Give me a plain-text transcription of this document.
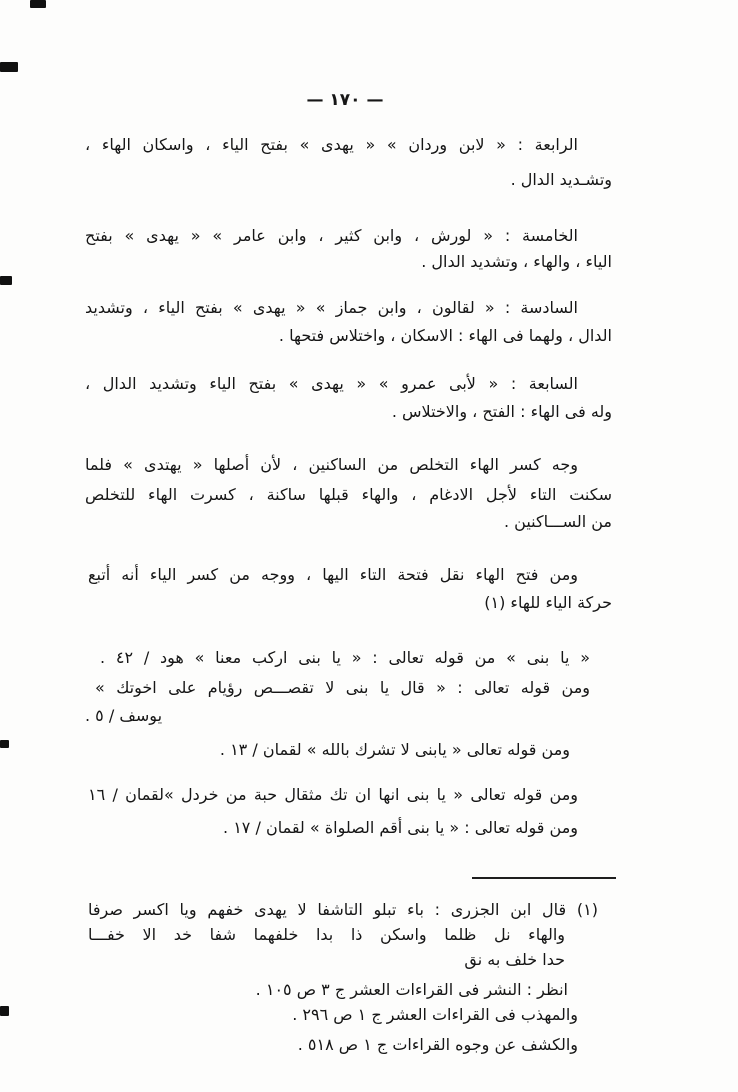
— ١٧٠ —
الرابعة : « لابن وردان » « يهدى » بفتح الياء ، واسكان الهاء ،
وتشـديد الدال .
الخامسة : « لورش ، وابن كثير ، وابن عامر » « يهدى » بفتح
الياء ، والهاء ، وتشديد الدال .
السادسة : « لقالون ، وابن جماز » « يهدى » بفتح الياء ، وتشديد
الدال ، ولهما فى الهاء : الاسكان ، واختلاس فتحها .
السابعة : « لأبى عمرو » « يهدى » بفتح الياء وتشديد الدال ،
وله فى الهاء : الفتح ، والاختلاس .
وجه كسر الهاء التخلص من الساكنين ، لأن أصلها « يهتدى » فلما
سكنت التاء لأجل الادغام ، والهاء قبلها ساكنة ، كسرت الهاء للتخلص
من الســـاكنين .
ومن فتح الهاء نقل فتحة التاء اليها ، ووجه من كسر الياء أنه أتبع
حركة الياء للهاء (١)
« يا بنى » من قوله تعالى : « يا بنى اركب معنا » هود / ٤٢ .
ومن قوله تعالى : « قال يا بنى لا تقصـــص رؤيام على اخوتك »
يوسف / ٥ .
ومن قوله تعالى « يابنى لا تشرك بالله » لقمان / ١٣ .
ومن قوله تعالى « يا بنى انها ان تك مثقال حبة من خردل »لقمان / ١٦
ومن قوله تعالى : « يا بنى أقم الصلواة » لقمان / ١٧ .
(١) قال ابن الجزرى : باء تبلو التاشفا لا يهدى خفهم ويا اكسر صرفا
والهاء نل ظلما واسكن ذا بدا خلفهما شفا خد الا خفـــا
حدا خلف به نق
انظر : النشر فى القراءات العشر ج ٣ ص ١٠٥ .
والمهذب فى القراءات العشر ج ١ ص ٢٩٦ .
والكشف عن وجوه القراءات ج ١ ص ٥١٨ .
